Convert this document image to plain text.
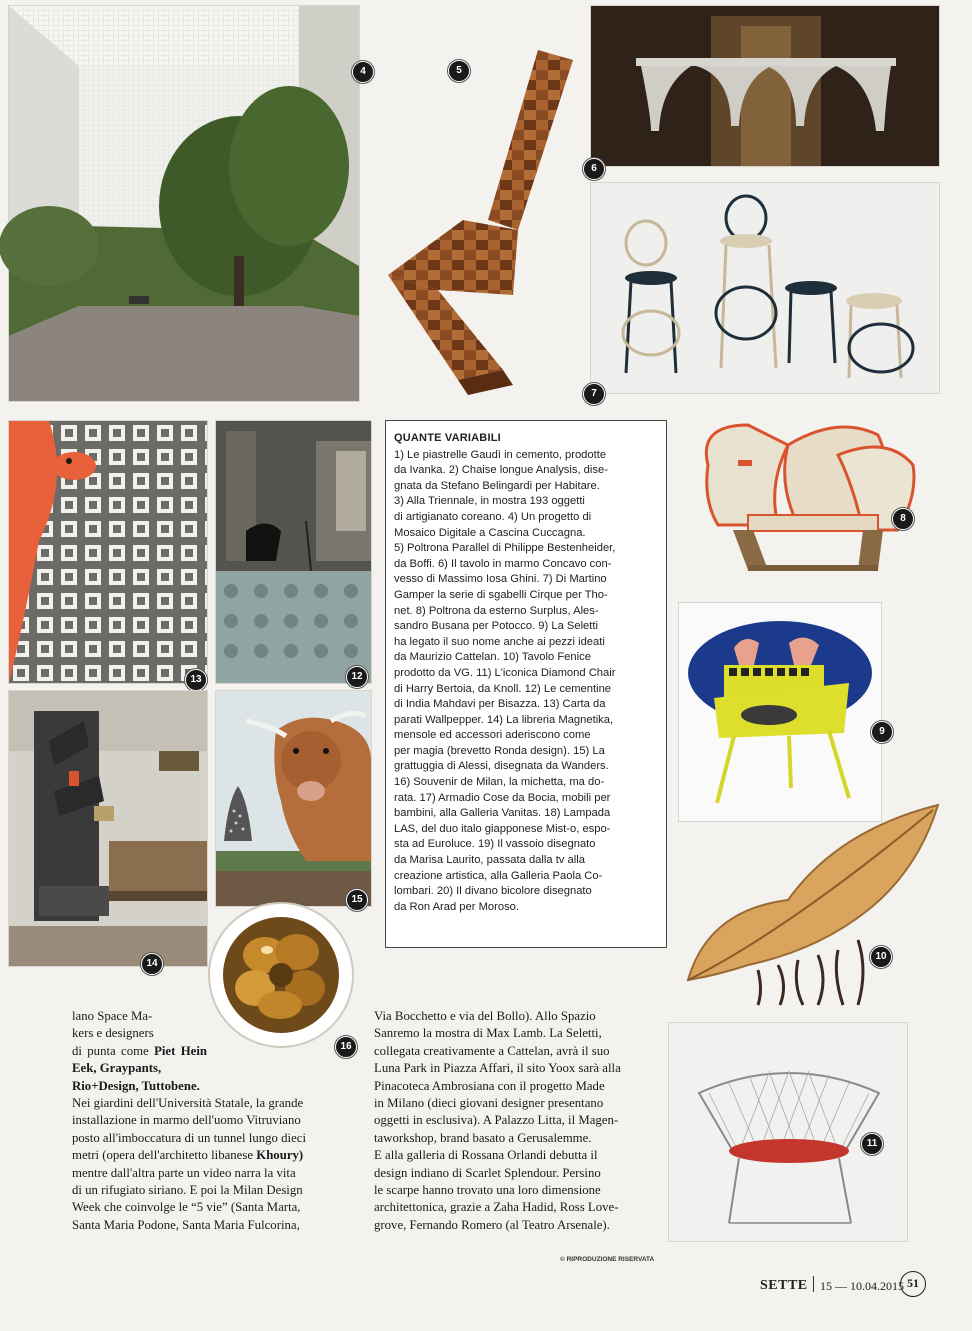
4	5
6
7
13	12
QUANTE VARIABILI

1) Le piastrelle Gaudì in cemento, prodotte

da Ivanka. 2) Chaise longue Analysis, dise-

gnata da Stefano Belingardi per Habitare.

3) Alla Triennale, in mostra 193 oggetti

di artigianato coreano. 4) Un progetto di

Mosaico Digitale a Cascina Cuccagna.

5) Poltrona Parallel di Philippe Bestenheider,

da Boffi. 6) Il tavolo in marmo Concavo con-

vesso di Massimo Iosa Ghini. 7) Di Martino

Gamper la serie di sgabelli Cirque per Tho-

net. 8) Poltrona da esterno Surplus, Ales-

sandro Busana per Potocco. 9) La Seletti

ha legato il suo nome anche ai pezzi ideati

da Maurizio Cattelan. 10) Tavolo Fenice

prodotto da VG. 11) L'iconica Diamond Chair

di Harry Bertoia, da Knoll. 12) Le cementine

di India Mahdavi per Bisazza. 13) Carta da

parati Wallpepper. 14) La libreria Magnetika,

mensole ed accessori aderiscono come

per magia (brevetto Ronda design). 15) La

grattuggia di Alessi, disegnata da Wanders.

16) Souvenir de Milan, la michetta, ma do-

rata. 17) Armadio Cose da Bocia, mobili per

bambini, alla Galleria Vanitas. 18) Lampada

LAS, del duo italo giapponese Mist-o, espo-

sta ad Euroluce. 19) Il vassoio disegnato

da Marisa Laurito, passata dalla tv alla

creazione artistica, alla Galleria Paola Co-

lombari. 20) Il divano bicolore disegnato

da Ron Arad per Moroso.

8
9
10
11
14
15
16
lano Space Ma-
kers e designers
di punta come Piet Hein Eek, Graypants,
Rio+Design, Tuttobene.
Nei giardini dell'Università Statale, la grande
installazione in marmo dell'uomo Vitruviano
posto all'imboccatura di un tunnel lungo dieci
metri (opera dell'architetto libanese Khoury)
mentre dall'altra parte un video narra la vita
di un rifugiato siriano. E poi la Milan Design
Week che coinvolge le “5 vie” (Santa Marta,
Santa Maria Podone, Santa Maria Fulcorina,
Via Bocchetto e via del Bollo). Allo Spazio
Sanremo la mostra di Max Lamb. La Seletti,
collegata creativamente a Cattelan, avrà il suo
Luna Park in Piazza Affari, il sito Yoox sarà alla
Pinacoteca Ambrosiana con il progetto Made
in Milano (dieci giovani designer presentano
oggetti in esclusiva). A Palazzo Litta, il Magen-
taworkshop, brand basato a Gerusalemme.
E alla galleria di Rossana Orlandi debutta il
design indiano di Scarlet Splendour. Persino
le scarpe hanno trovato una loro dimensione
architettonica, grazie a Zaha Hadid, Ross Love-
grove, Fernando Romero (al Teatro Arsenale).
© RIPRODUZIONE RISERVATA
SETTE 15 — 10.04.2015 51
